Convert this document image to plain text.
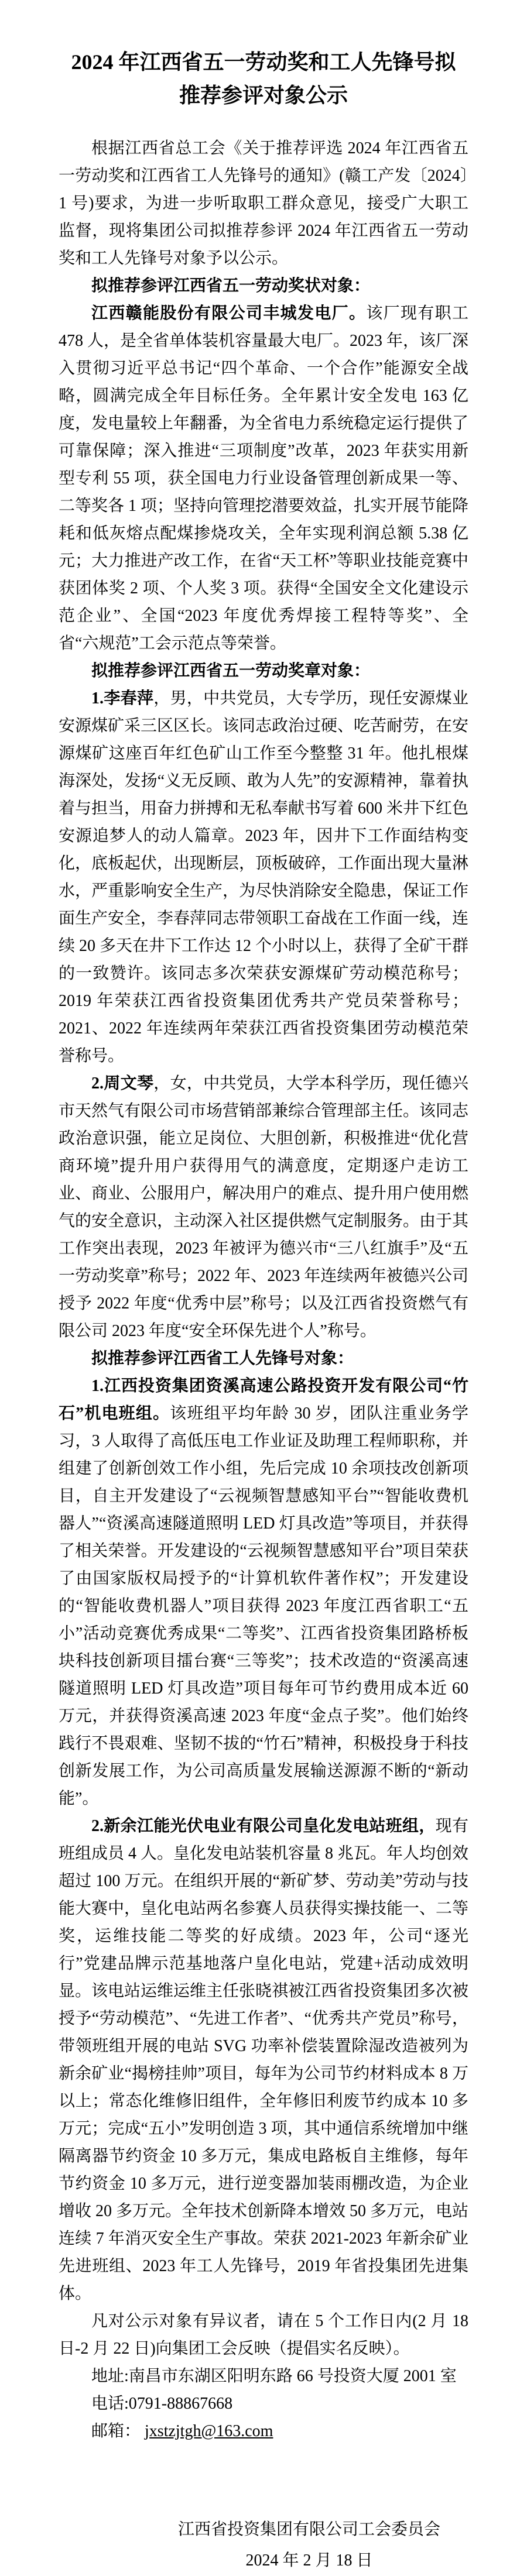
2024 年江西省五一劳动奖和工人先锋号拟
推荐参评对象公示

根据江西省总工会《关于推荐评选 2024 年江西省五一劳动奖和江西省工人先锋号的通知》(赣工产发〔2024〕1 号)要求，为进一步听取职工群众意见，接受广大职工监督，现将集团公司拟推荐参评 2024 年江西省五一劳动奖和工人先锋号对象予以公示。

拟推荐参评江西省五一劳动奖状对象：

江西赣能股份有限公司丰城发电厂。该厂现有职工 478 人，是全省单体装机容量最大电厂。2023 年，该厂深入贯彻习近平总书记“四个革命、一个合作”能源安全战略，圆满完成全年目标任务。全年累计安全发电 163 亿度，发电量较上年翻番，为全省电力系统稳定运行提供了可靠保障；深入推进“三项制度”改革，2023 年获实用新型专利 55 项，获全国电力行业设备管理创新成果一等、二等奖各 1 项；坚持向管理挖潜要效益，扎实开展节能降耗和低灰熔点配煤掺烧攻关，全年实现利润总额 5.38 亿元；大力推进产改工作，在省“天工杯”等职业技能竞赛中获团体奖 2 项、个人奖 3 项。获得“全国安全文化建设示范企业”、全国“2023 年度优秀焊接工程特等奖”、全省“六规范”工会示范点等荣誉。

拟推荐参评江西省五一劳动奖章对象：

1.李春萍，男，中共党员，大专学历，现任安源煤业安源煤矿采三区区长。该同志政治过硬、吃苦耐劳，在安源煤矿这座百年红色矿山工作至今整整 31 年。他扎根煤海深处，发扬“义无反顾、敢为人先”的安源精神，靠着执着与担当，用奋力拼搏和无私奉献书写着 600 米井下红色安源追梦人的动人篇章。2023 年，因井下工作面结构变化，底板起伏，出现断层，顶板破碎，工作面出现大量淋水，严重影响安全生产，为尽快消除安全隐患，保证工作面生产安全，李春萍同志带领职工奋战在工作面一线，连续 20 多天在井下工作达 12 个小时以上，获得了全矿干群的一致赞许。该同志多次荣获安源煤矿劳动模范称号； 2019 年荣获江西省投资集团优秀共产党员荣誉称号； 2021、2022 年连续两年荣获江西省投资集团劳动模范荣誉称号。

2.周文琴，女，中共党员，大学本科学历，现任德兴市天然气有限公司市场营销部兼综合管理部主任。该同志政治意识强，能立足岗位、大胆创新，积极推进“优化营商环境”提升用户获得用气的满意度，定期逐户走访工业、商业、公服用户，解决用户的难点、提升用户使用燃气的安全意识，主动深入社区提供燃气定制服务。由于其工作突出表现，2023 年被评为德兴市“三八红旗手”及“五一劳动奖章”称号；2022 年、2023 年连续两年被德兴公司授予 2022 年度“优秀中层”称号；以及江西省投资燃气有限公司 2023 年度“安全环保先进个人”称号。

拟推荐参评江西省工人先锋号对象：

1.江西投资集团资溪高速公路投资开发有限公司“竹石”机电班组。该班组平均年龄 30 岁，团队注重业务学习，3 人取得了高低压电工作业证及助理工程师职称，并组建了创新创效工作小组，先后完成 10 余项技改创新项目，自主开发建设了“云视频智慧感知平台”“智能收费机器人”“资溪高速隧道照明 LED 灯具改造”等项目，并获得了相关荣誉。开发建设的“云视频智慧感知平台”项目荣获了由国家版权局授予的“计算机软件著作权”；开发建设的“智能收费机器人”项目获得 2023 年度江西省职工“五小”活动竞赛优秀成果“二等奖”、江西省投资集团路桥板块科技创新项目擂台赛“三等奖”；技术改造的“资溪高速隧道照明 LED 灯具改造”项目每年可节约费用成本近 60 万元，并获得资溪高速 2023 年度“金点子奖”。他们始终践行不畏艰难、坚韧不拔的“竹石”精神，积极投身于科技创新发展工作，为公司高质量发展输送源源不断的“新动能”。

2.新余江能光伏电业有限公司皇化发电站班组，现有班组成员 4 人。皇化发电站装机容量 8 兆瓦。年人均创效超过 100 万元。在组织开展的“新矿梦、劳动美”劳动与技能大赛中，皇化电站两名参赛人员获得实操技能一、二等奖，运维技能二等奖的好成绩。2023 年，公司“逐光行”党建品牌示范基地落户皇化电站，党建+活动成效明显。该电站运维运维主任张晓祺被江西省投资集团多次被授予“劳动模范”、“先进工作者”、“优秀共产党员”称号，带领班组开展的电站 SVG 功率补偿装置除湿改造被列为新余矿业“揭榜挂帅”项目，每年为公司节约材料成本 8 万以上；常态化维修旧组件，全年修旧利废节约成本 10 多万元；完成“五小”发明创造 3 项，其中通信系统增加中继隔离器节约资金 10 多万元，集成电路板自主维修，每年节约资金 10 多万元，进行逆变器加装雨棚改造，为企业增收 20 多万元。全年技术创新降本增效 50 多万元，电站连续 7 年消灭安全生产事故。荣获 2021-2023 年新余矿业先进班组、2023 年工人先锋号，2019 年省投集团先进集体。

凡对公示对象有异议者，请在 5 个工作日内(2 月 18 日-2 月 22 日)向集团工会反映（提倡实名反映）。

地址:南昌市东湖区阳明东路 66 号投资大厦 2001 室

电话:0791-88867668

邮箱： jxstzjtgh@163.com

江西省投资集团有限公司工会委员会
2024 年 2 月 18 日
